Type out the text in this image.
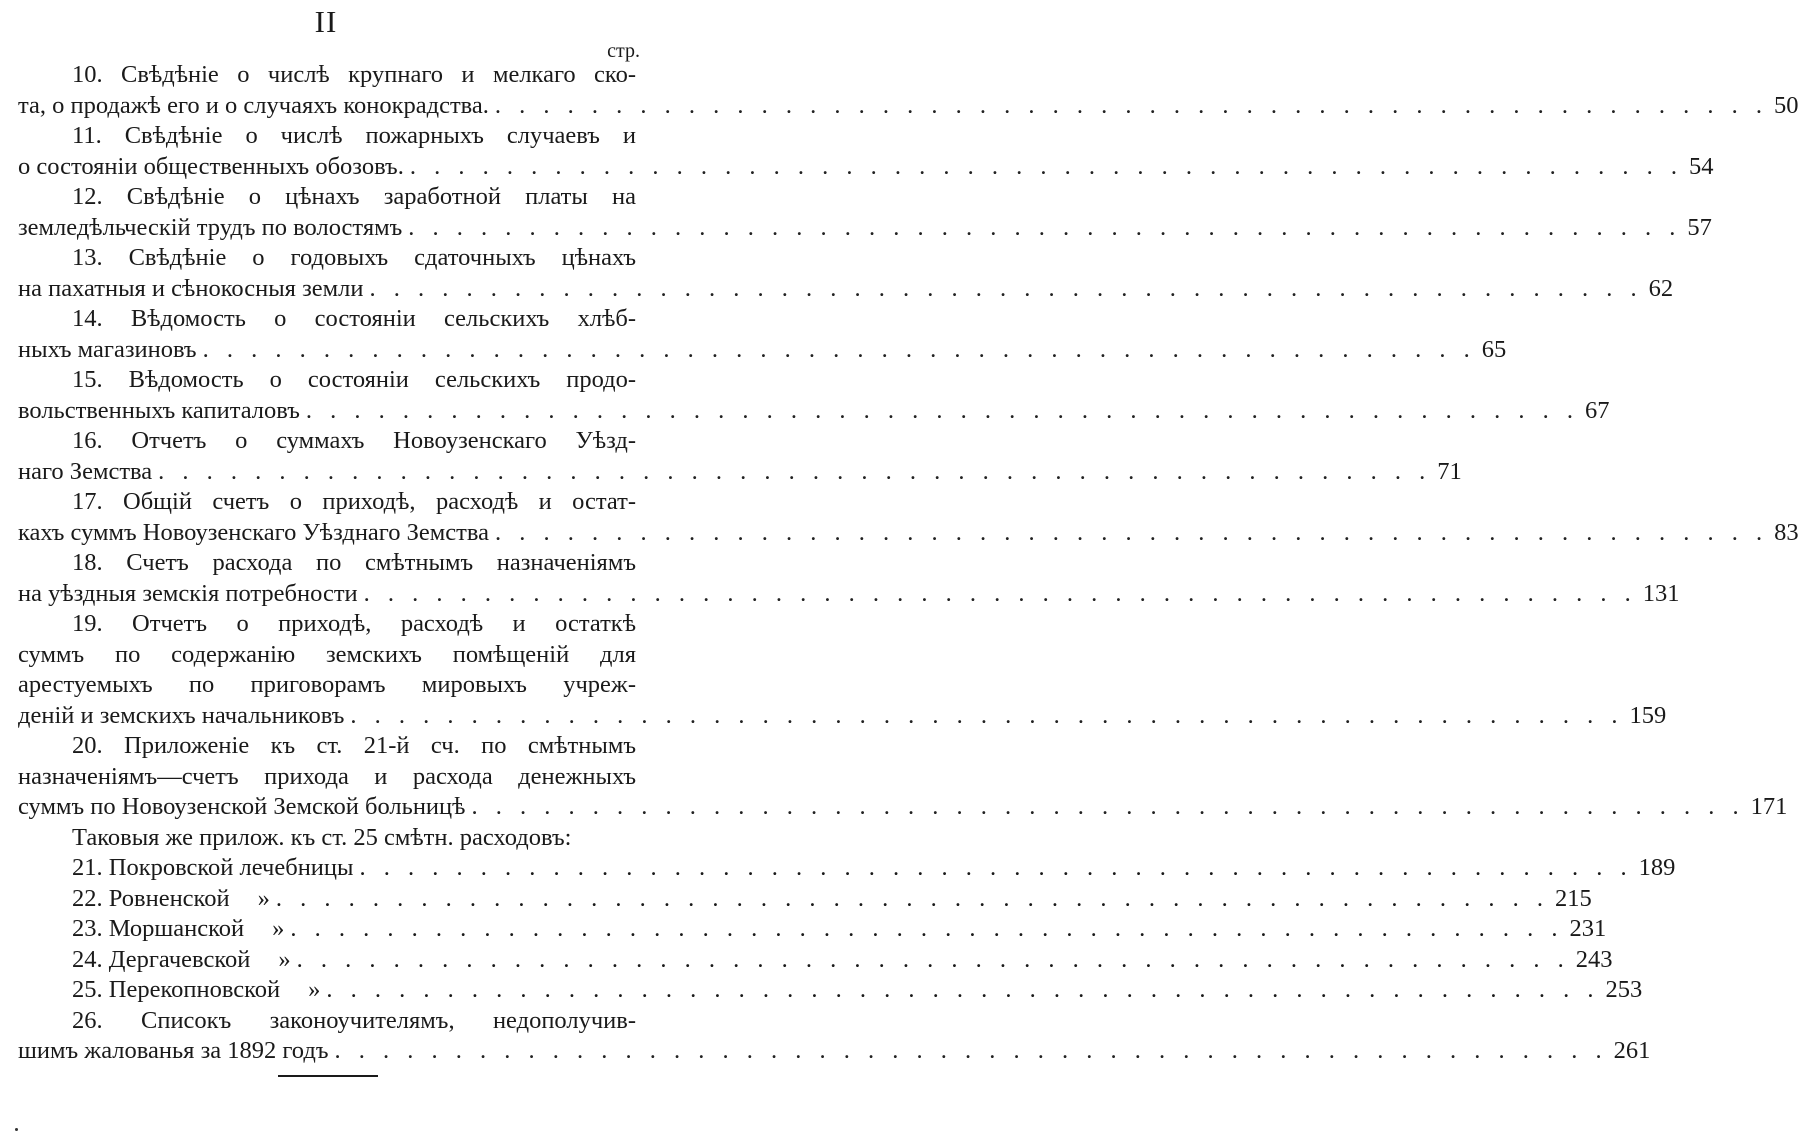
II
стр.
10. Свѣдѣніе о числѣ крупнаго и мелкаго ско-
та, о продажѣ его и о случаяхъ конокрадства. . . . . . . . . . . . . . . . . . . . . . . . . . . . . . . . . . . . . . . . . . . . . . . . . . . . . . 50
11. Свѣдѣніе о числѣ пожарныхъ случаевъ и
о состояніи общественныхъ обозовъ. . . . . . . . . . . . . . . . . . . . . . . . . . . . . . . . . . . . . . . . . . . . . . . . . . . . . . 54
12. Свѣдѣніе о цѣнахъ заработной платы на
земледѣльческій трудъ по волостямъ . . . . . . . . . . . . . . . . . . . . . . . . . . . . . . . . . . . . . . . . . . . . . . . . . . . . . 57
13. Свѣдѣніе о годовыхъ сдаточныхъ цѣнахъ
на пахатныя и сѣнокосныя земли . . . . . . . . . . . . . . . . . . . . . . . . . . . . . . . . . . . . . . . . . . . . . . . . . . . . . 62
14. Вѣдомость о состояніи сельскихъ хлѣб-
ныхъ магазиновъ . . . . . . . . . . . . . . . . . . . . . . . . . . . . . . . . . . . . . . . . . . . . . . . . . . . . . 65
15. Вѣдомость о состояніи сельскихъ продо-
вольственныхъ капиталовъ . . . . . . . . . . . . . . . . . . . . . . . . . . . . . . . . . . . . . . . . . . . . . . . . . . . . . 67
16. Отчетъ о суммахъ Новоузенскаго Уѣзд-
наго Земства . . . . . . . . . . . . . . . . . . . . . . . . . . . . . . . . . . . . . . . . . . . . . . . . . . . . . 71
17. Общій счетъ о приходѣ, расходѣ и остат-
кахъ суммъ Новоузенскаго Уѣзднаго Земства . . . . . . . . . . . . . . . . . . . . . . . . . . . . . . . . . . . . . . . . . . . . . . . . . . . . . 83
18. Счетъ расхода по смѣтнымъ назначеніямъ
на уѣздныя земскія потребности . . . . . . . . . . . . . . . . . . . . . . . . . . . . . . . . . . . . . . . . . . . . . . . . . . . . . 131
19. Отчетъ о приходѣ, расходѣ и остаткѣ
суммъ по содержанію земскихъ помѣщеній для
арестуемыхъ по приговорамъ мировыхъ учреж-
деній и земскихъ начальниковъ . . . . . . . . . . . . . . . . . . . . . . . . . . . . . . . . . . . . . . . . . . . . . . . . . . . . . 159
20. Приложеніе къ ст. 21-й сч. по смѣтнымъ
назначеніямъ—счетъ прихода и расхода денежныхъ
суммъ по Новоузенской Земской больницѣ . . . . . . . . . . . . . . . . . . . . . . . . . . . . . . . . . . . . . . . . . . . . . . . . . . . . . 171
Таковыя же прилож. къ ст. 25 смѣтн. расходовъ:
21. Покровской лечебницы . . . . . . . . . . . . . . . . . . . . . . . . . . . . . . . . . . . . . . . . . . . . . . . . . . . . . 189
22. Ровненской » . . . . . . . . . . . . . . . . . . . . . . . . . . . . . . . . . . . . . . . . . . . . . . . . . . . . . 215
23. Моршанской » . . . . . . . . . . . . . . . . . . . . . . . . . . . . . . . . . . . . . . . . . . . . . . . . . . . . . 231
24. Дергачевской » . . . . . . . . . . . . . . . . . . . . . . . . . . . . . . . . . . . . . . . . . . . . . . . . . . . . . 243
25. Перекопновской » . . . . . . . . . . . . . . . . . . . . . . . . . . . . . . . . . . . . . . . . . . . . . . . . . . . . . 253
26. Списокъ законоучителямъ, недополучив-
шимъ жалованья за 1892 годъ . . . . . . . . . . . . . . . . . . . . . . . . . . . . . . . . . . . . . . . . . . . . . . . . . . . . . 261
